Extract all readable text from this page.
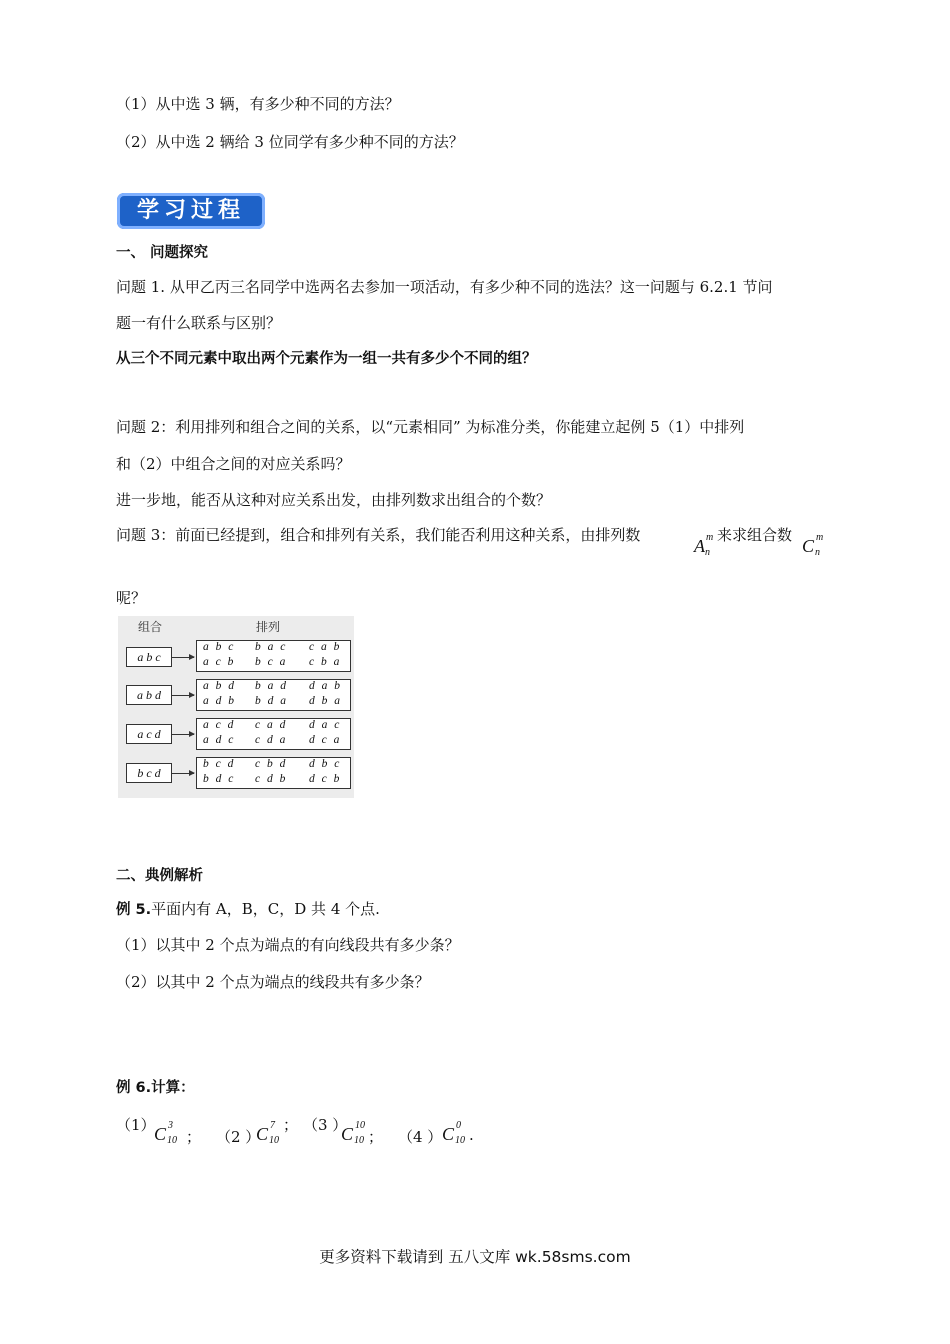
（1）从中选 3 辆，有多少种不同的方法？
（2）从中选 2 辆给 3 位同学有多少种不同的方法？
学习过程
一、 问题探究
问题 1. 从甲乙丙三名同学中选两名去参加一项活动，有多少种不同的选法？这一问题与 6.2.1 节问
题一有什么联系与区别？
从三个不同元素中取出两个元素作为一组一共有多少个不同的组？
问题 2：利用排列和组合之间的关系，以“元素相同” 为标准分类，你能建立起例 5（1）中排列
和（2）中组合之间的对应关系吗？
进一步地，能否从这种对应关系出发，由排列数求出组合的个数？
问题 3：前面已经提到，组合和排列有关系，我们能否利用这种关系，由排列数
A m
n
来求组合数
C m
n
呢？
组合	排列
a b c
a b c b a c c a b
a c b b c a c b a
a b d
a b d b a d d a b
a d b b d a d b a
a c d
a c d c a d d a c
a d c c d a d c a
b c d
b c d c b d d b c
b d c c d b d c b
二、典例解析
例 5.平面内有 A，B，C，D 共 4 个点.
（1）以其中 2 个点为端点的有向线段共有多少条？
（2）以其中 2 个点为端点的线段共有多少条？
例 6.计算：
（1）
C 3
10 ； （2 ）
C 7
10
； （3 ）
C 10
10 ； （4 ） C 0
10 .
更多资料下载请到 五八文库 wk.58sms.com
